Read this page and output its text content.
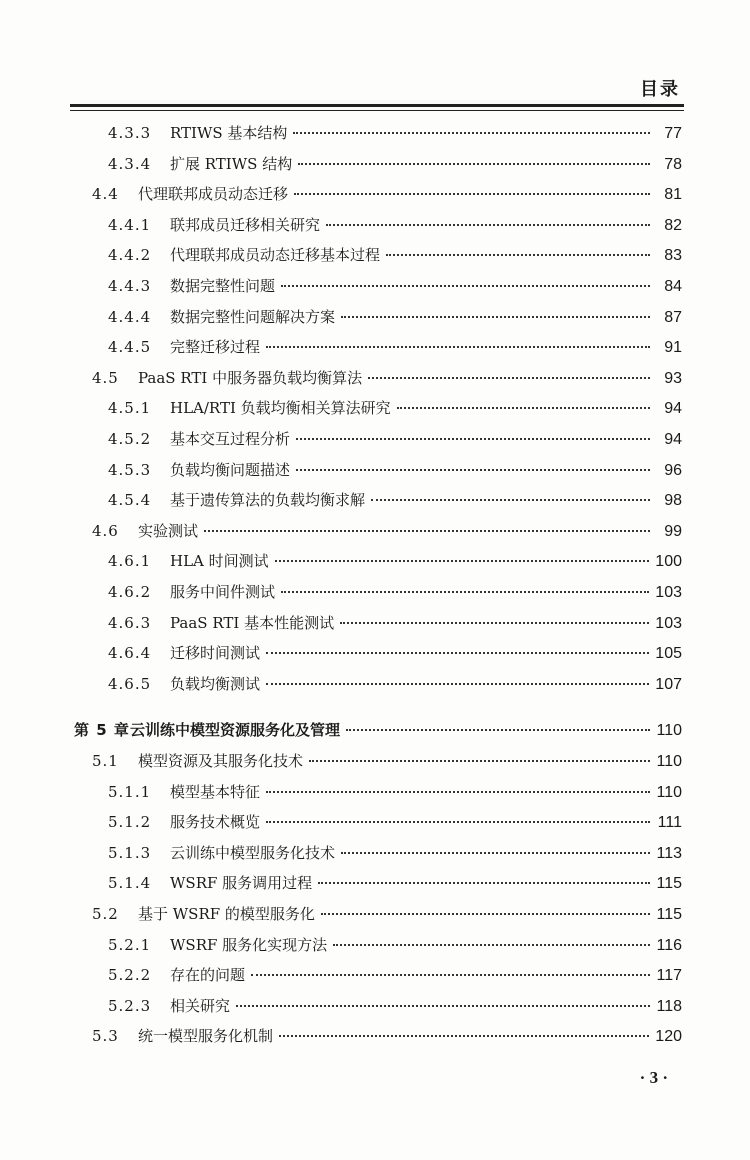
目录
4.3.3	RTIWS 基本结构	77
4.3.4	扩展 RTIWS 结构	78
4.4	代理联邦成员动态迁移	81
4.4.1	联邦成员迁移相关研究	82
4.4.2	代理联邦成员动态迁移基本过程	83
4.4.3	数据完整性问题	84
4.4.4	数据完整性问题解决方案	87
4.4.5	完整迁移过程	91
4.5	PaaS RTI 中服务器负载均衡算法	93
4.5.1	HLA/RTI 负载均衡相关算法研究	94
4.5.2	基本交互过程分析	94
4.5.3	负载均衡问题描述	96
4.5.4	基于遗传算法的负载均衡求解	98
4.6	实验测试	99
4.6.1	HLA 时间测试	100
4.6.2	服务中间件测试	103
4.6.3	PaaS RTI 基本性能测试	103
4.6.4	迁移时间测试	105
4.6.5	负载均衡测试	107
第 5 章 云训练中模型资源服务化及管理	110
5.1	模型资源及其服务化技术	110
5.1.1	模型基本特征	110
5.1.2	服务技术概览	111
5.1.3	云训练中模型服务化技术	113
5.1.4	WSRF 服务调用过程	115
5.2	基于 WSRF 的模型服务化	115
5.2.1	WSRF 服务化实现方法	116
5.2.2	存在的问题	117
5.2.3	相关研究	118
5.3	统一模型服务化机制	120
· 3 ·
